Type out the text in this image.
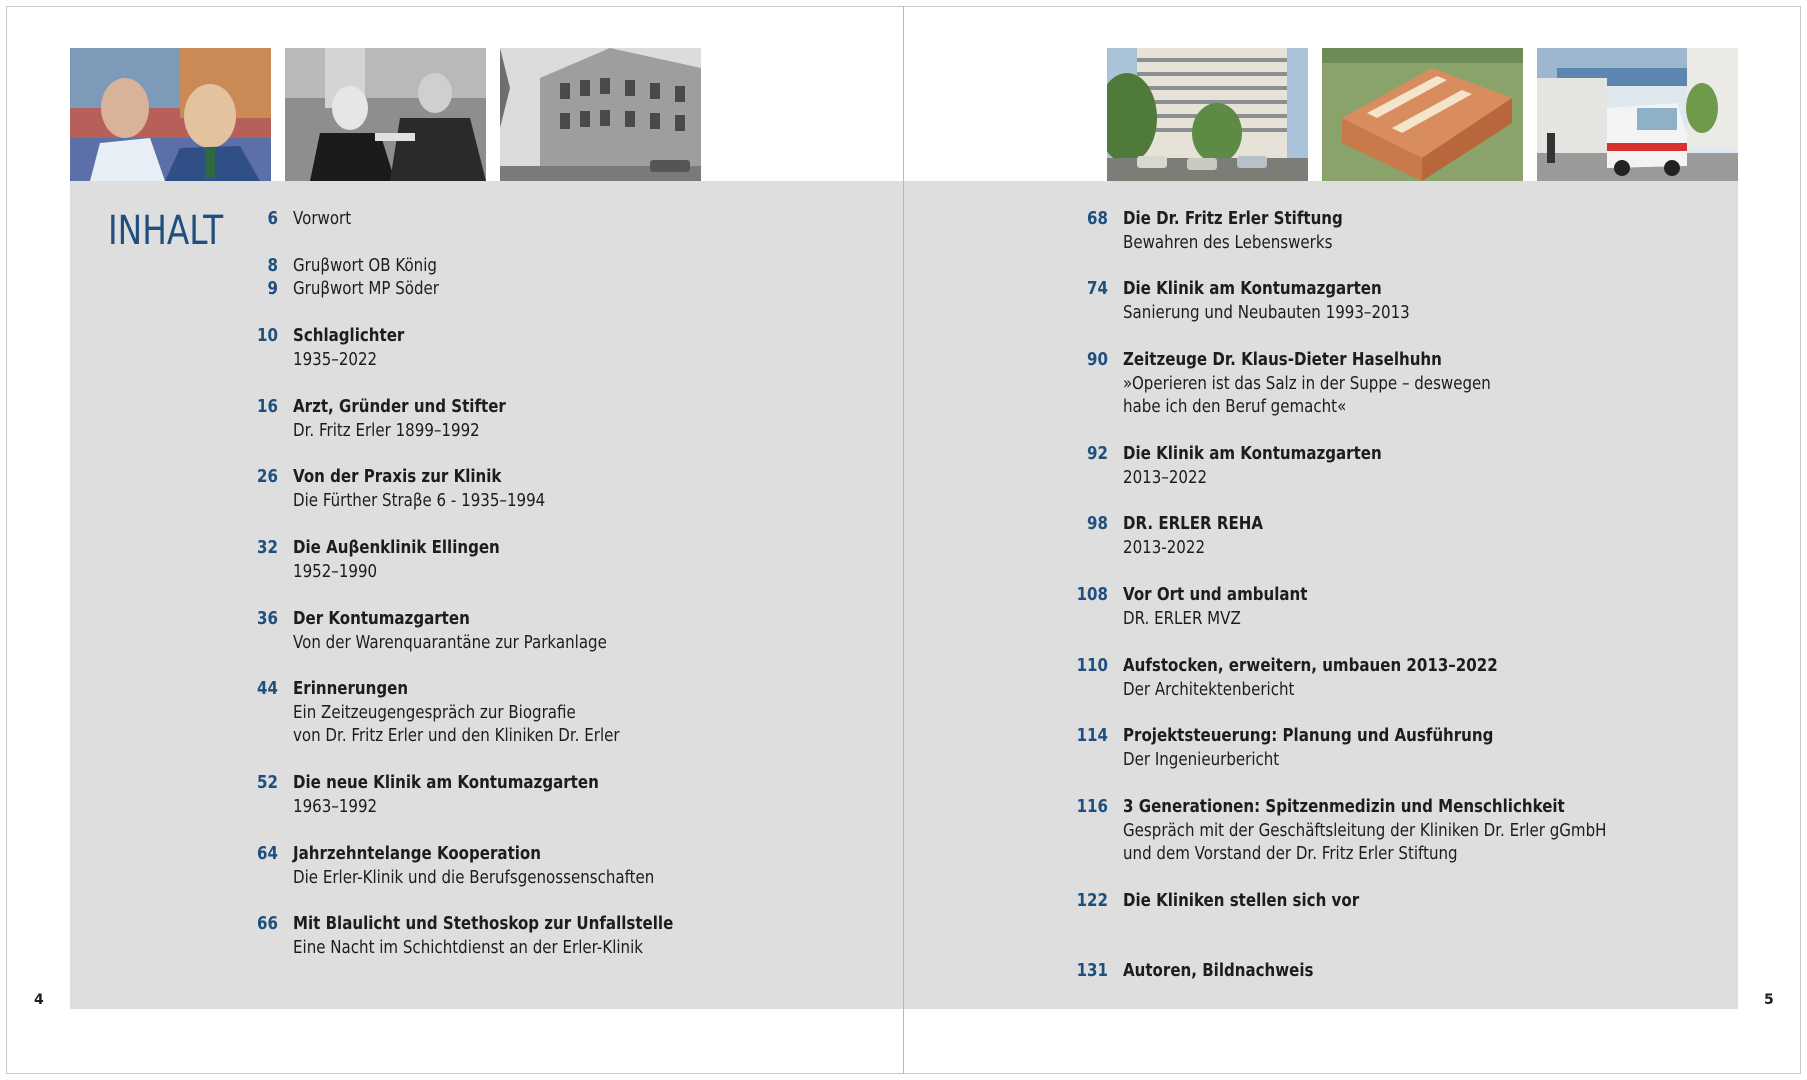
INHALT	6 Vorwort
8 Gruβwort OB König
9 Gruβwort MP Söder
10 Schlaglichter
1935–2022
16 Arzt, Gründer und Stifter
Dr. Fritz Erler 1899–1992
26 Von der Praxis zur Klinik
Die Fürther Straβe 6 - 1935–1994
32 Die Auβenklinik Ellingen
1952–1990
36 Der Kontumazgarten
Von der Warenquarantäne zur Parkanlage
44 Erinnerungen
Ein Zeitzeugengespräch zur Biografie
von Dr. Fritz Erler und den Kliniken Dr. Erler
52 Die neue Klinik am Kontumazgarten
1963–1992
64 Jahrzehntelange Kooperation
Die Erler-Klinik und die Berufsgenossenschaften
66 Mit Blaulicht und Stethoskop zur Unfallstelle
Eine Nacht im Schichtdienst an der Erler-Klinik
68 Die Dr. Fritz Erler Stiftung
Bewahren des Lebenswerks
74 Die Klinik am Kontumazgarten
Sanierung und Neubauten 1993–2013
90 Zeitzeuge Dr. Klaus-Dieter Haselhuhn
»Operieren ist das Salz in der Suppe – deswegen
habe ich den Beruf gemacht«
92 Die Klinik am Kontumazgarten
2013–2022
98 DR. ERLER REHA
2013-2022
108 Vor Ort und ambulant
DR. ERLER MVZ
110 Aufstocken, erweitern, umbauen 2013–2022
Der Architektenbericht
114 Projektsteuerung: Planung und Ausführung
Der Ingenieurbericht
116 3 Generationen: Spitzenmedizin und Menschlichkeit
Gespräch mit der Geschäftsleitung der Kliniken Dr. Erler gGmbH
und dem Vorstand der Dr. Fritz Erler Stiftung
122 Die Kliniken stellen sich vor
131 Autoren, Bildnachweis
4	5
